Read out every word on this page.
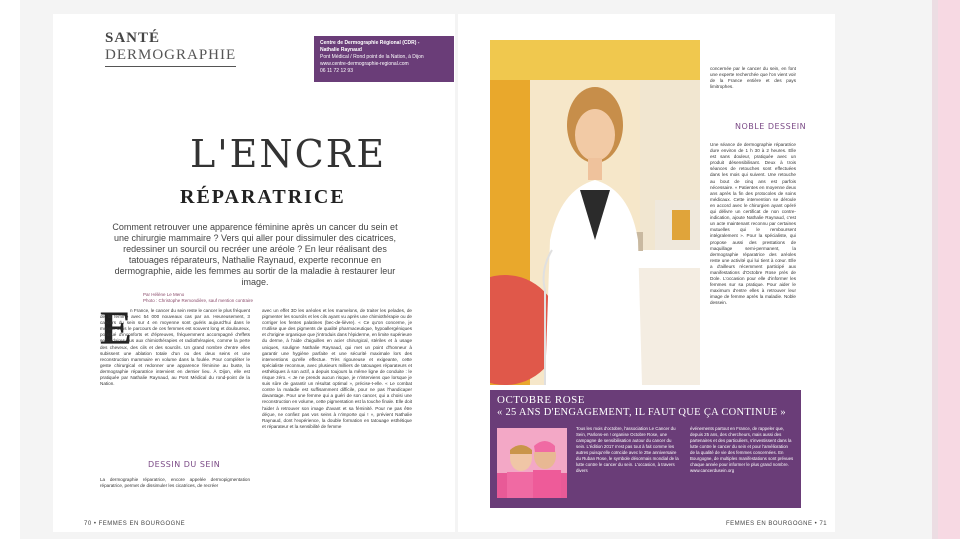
SANTÉ
DERMOGRAPHIE
Centre de Dermographie Régional (CDR) -
Nathalie Raynaud
Pont Médical / Rond point de la Nation, à Dijon
www.centre-dermographie-regional.com
06 11 72 12 93
L'ENCRE
RÉPARATRICE
Comment retrouver une apparence féminine après un cancer du sein et une chirurgie mammaire ? Vers qui aller pour dissimuler des cicatrices, redessiner un sourcil ou recréer une aréole ? En leur réalisant des tatouages réparateurs, Nathalie Raynaud, experte reconnue en dermographie, aide les femmes au sortir de la maladie à restaurer leur image.
Par Hélène Le Meno
Photo : Christophe Remondière, sauf mention contraire
E
n France, le cancer du sein reste le cancer le plus fréquent de la femme avec 54 000 nouveaux cas par an. Heureusement, 3 cancers du sein sur 4 en moyenne sont guéris aujourd'hui dans le monde. Mais le parcours de ces femmes est souvent long et douloureux, ponctué d'inconforts et d'épreuves, fréquemment accompagné d'effets secondaires dus aux chimiothérapies et radiothérapies, comme la perte des cheveux, des cils et des sourcils. Un grand nombre d'entre elles subissent une ablation totale d'un ou des deux seins et une reconstruction mammaire en volume dans la foulée. Pour compléter le geste chirurgical et redonner une apparence féminine au buste, la dermographie réparatrice intervient en dernier lieu. À Dijon, elle est pratiquée par Nathalie Raynaud, au Pont Médical du rond-point de la Nation.
DESSIN DU SEIN
La dermographie réparatrice, encore appelée dermopigmentation réparatrice, permet de dissimuler les cicatrices, de recréer
avec un effet 3D les aréoles et les mamelons, de traiter les pelades, de pigmenter les sourcils et les cils ayant vu après une chimiothérapie ou de corriger les fentes palatines (bec-de-lièvre). « Ce qu'on concerne, je n'utilise que des pigments de qualité pharmaceutique, hypoallergéniques et d'origine organique que j'introduis dans l'épiderme, en limite supérieure du derme, à l'aide d'aiguilles en acier chirurgical, stériles et à usage uniques, souligne Nathalie Raynaud, qui met un point d'honneur à garantir une hygiène parfaite et une sécurité maximale lors des interventions qu'elle effectue. Très rigoureuse et exigeante, cette spécialiste reconnue, avec plusieurs milliers de tatouages réparateurs et esthétiques à son actif, a depuis toujours la même ligne de conduite : le risque zéro. « Je ne prends aucun risque, je n'interviens que lorsque je suis sûre de garantir un résultat optimal », précise-t-elle. « Le combat contre la maladie est suffisamment difficile, pour ne pas l'handicaper davantage. Pour une femme qui a guéri de son cancer, qui a choisi une reconstruction en volume, cette pigmentation est la touche finale. Elle doit l'aider à retrouver son image d'avant et sa féminité. Pour ne pas être déçue, ne confiez pas vos seins à n'importe qui ! », prévient Nathalie Raynaud, dont l'expérience, la double formation en tatouage esthétique et réparateur et la sensibilité de femme
concernée par le cancer du sein, en font une experte recherchée que l'on vient voir de la France entière et des pays limitrophes.
NOBLE DESSEIN
Une séance de dermographie réparatrice dure environ de 1 h 30 à 2 heures. Elle est sans douleur, pratiquée avec un produit désensibilisant. Deux à trois séances de retouches sont effectuées dans les mois qui suivent. Une retouche au bout de cinq ans est parfois nécessaire. « Patientes en moyenne deux ans après la fin des protocoles de soins médicaux. Cette intervention se déroule en accord avec le chirurgien ayant opéré qui délivre un certificat de non contre-indication, ajoute Nathalie Raynaud, c'est un acte maintenant reconnu par certaines mutuelles qui le remboursent intégralement ». Pour la spécialiste, qui propose aussi des prestations de maquillage semi-permanent, la dermographie réparatrice des aréoles reste une activité qui lui tient à cœur. Elle a d'ailleurs récemment participé aux manifestations d'Octobre Rose près de Dole. L'occasion pour elle d'informer les femmes sur sa pratique. Pour aider le maximum d'entre elles à retrouver leur image de femme après la maladie. Noble dessein.
OCTOBRE ROSE
« 25 ANS D'ENGAGEMENT, IL FAUT QUE ÇA CONTINUE »
Tous les mois d'octobre, l'association Le Cancer du Sein, Parlons-en ! organise Octobre Rose, une campagne de sensibilisation autour du cancer du sein. L'édition 2017 n'est pas tout à fait comme les autres puisqu'elle coïncide avec le 25e anniversaire du Ruban Rose, le symbole désormais mondial de la lutte contre le cancer du sein. L'occasion, à travers divers
événements partout en France, de rappeler que, depuis 25 ans, des chercheurs, mais aussi des partenaires et des particuliers, s'investissent dans la lutte contre le cancer du sein et pour l'amélioration de la qualité de vie des femmes concernées. En Bourgogne, de multiples manifestations sont prévues chaque année pour informer le plus grand nombre. www.cancerdusein.org
70 • FEMMES EN BOURGOGNE	FEMMES EN BOURGOGNE • 71
